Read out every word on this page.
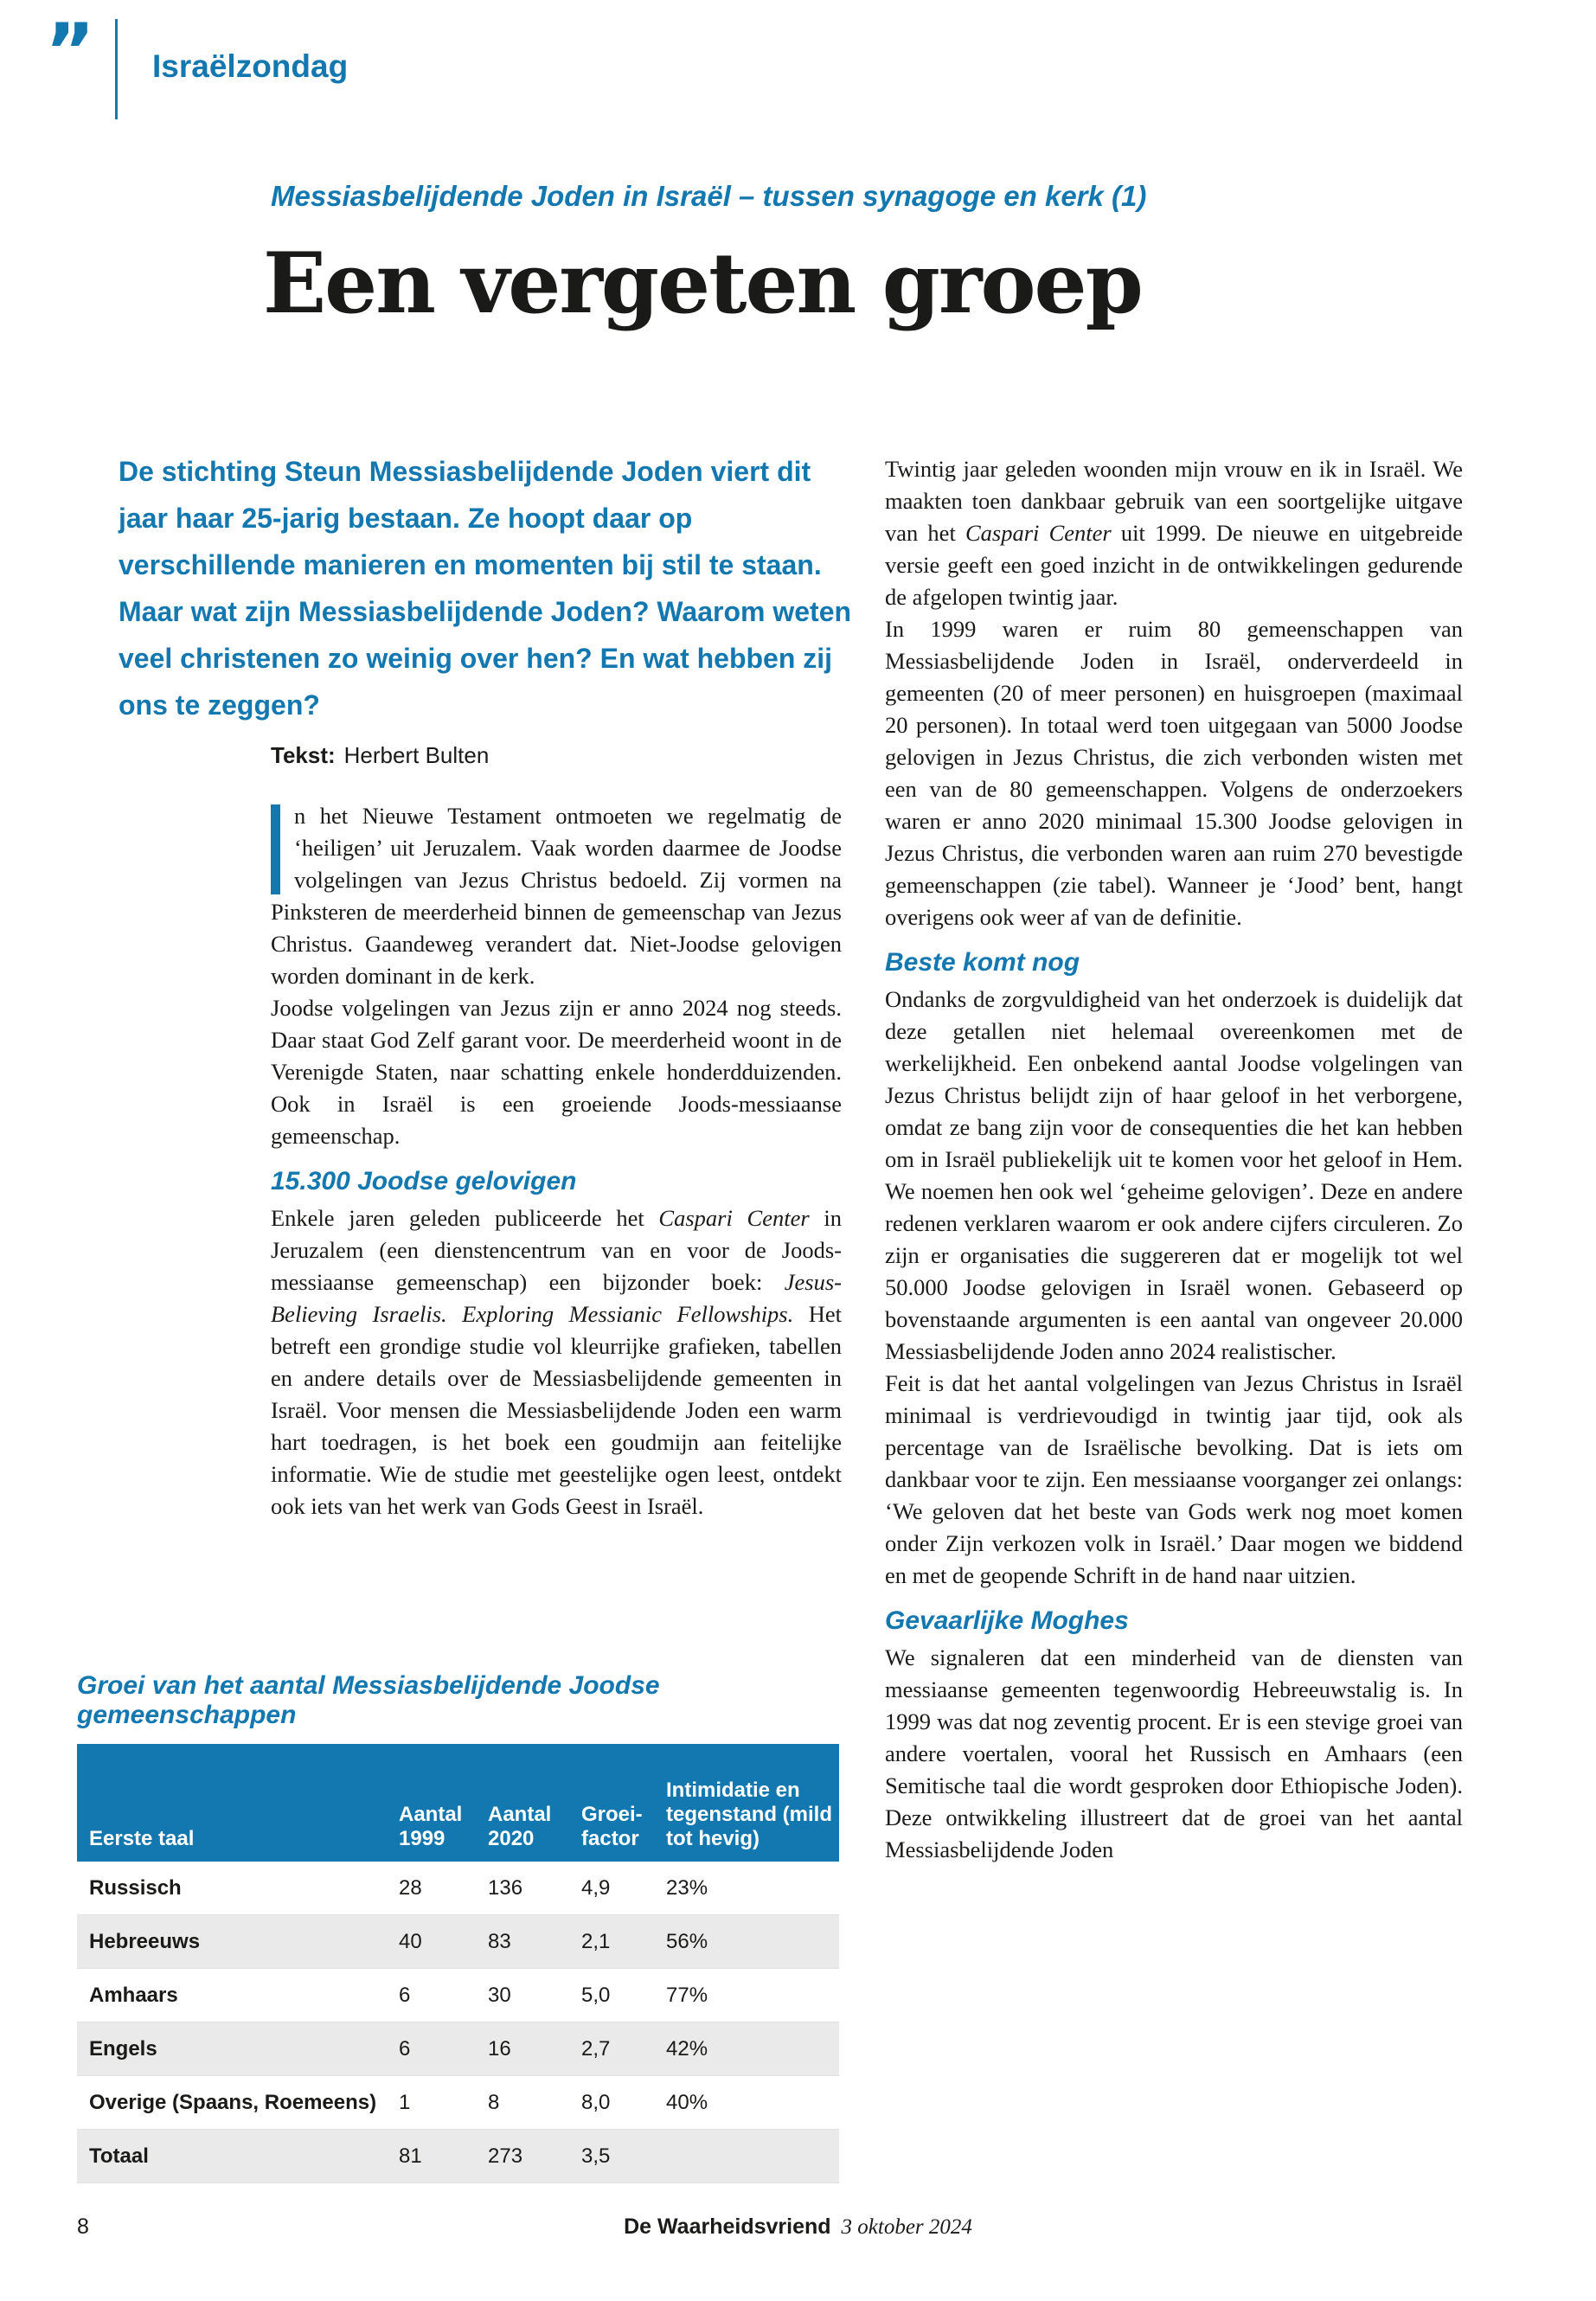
” Israëlzondag
Messiasbelijdende Joden in Israël – tussen synagoge en kerk (1)
Een vergeten groep
De stichting Steun Messiasbelijdende Joden viert dit jaar haar 25-jarig bestaan. Ze hoopt daar op verschillende manieren en momenten bij stil te staan. Maar wat zijn Messiasbelijdende Joden? Waarom weten veel christenen zo weinig over hen? En wat hebben zij ons te zeggen?
Tekst: Herbert Bulten

n het Nieuwe Testament ontmoeten we regelmatig de ‘heiligen’ uit Jeruzalem. Vaak worden daarmee de Joodse volgelingen van Jezus Christus bedoeld. Zij vormen na Pinksteren de meerderheid binnen de gemeenschap van Jezus Christus. Gaandeweg verandert dat. Niet-Joodse gelovigen worden dominant in de kerk.

Joodse volgelingen van Jezus zijn er anno 2024 nog steeds. Daar staat God Zelf garant voor. De meerderheid woont in de Verenigde Staten, naar schatting enkele honderdduizenden. Ook in Israël is een groeiende Joods-messiaanse gemeenschap.

15.300 Joodse gelovigen

Enkele jaren geleden publiceerde het Caspari Center in Jeruzalem (een dienstencentrum van en voor de Joods-messiaanse gemeenschap) een bijzonder boek: Jesus-Believing Israelis. Exploring Messianic Fellowships. Het betreft een grondige studie vol kleurrijke grafieken, tabellen en andere details over de Messiasbelijdende gemeenten in Israël. Voor mensen die Messiasbelijdende Joden een warm hart toedragen, is het boek een goudmijn aan feitelijke informatie. Wie de studie met geestelijke ogen leest, ontdekt ook iets van het werk van Gods Geest in Israël.

Twintig jaar geleden woonden mijn vrouw en ik in Israël. We maakten toen dankbaar gebruik van een soortgelijke uitgave van het Caspari Center uit 1999. De nieuwe en uitgebreide versie geeft een goed inzicht in de ontwikkelingen gedurende de afgelopen twintig jaar.

In 1999 waren er ruim 80 gemeenschappen van Messiasbelijdende Joden in Israël, onderverdeeld in gemeenten (20 of meer personen) en huisgroepen (maximaal 20 personen). In totaal werd toen uitgegaan van 5000 Joodse gelovigen in Jezus Christus, die zich verbonden wisten met een van de 80 gemeenschappen. Volgens de onderzoekers waren er anno 2020 minimaal 15.300 Joodse gelovigen in Jezus Christus, die verbonden waren aan ruim 270 bevestigde gemeenschappen (zie tabel). Wanneer je ‘Jood’ bent, hangt overigens ook weer af van de definitie.

Beste komt nog

Ondanks de zorgvuldigheid van het onderzoek is duidelijk dat deze getallen niet helemaal overeenkomen met de werkelijkheid. Een onbekend aantal Joodse volgelingen van Jezus Christus belijdt zijn of haar geloof in het verborgene, omdat ze bang zijn voor de consequenties die het kan hebben om in Israël publiekelijk uit te komen voor het geloof in Hem. We noemen hen ook wel ‘geheime gelovigen’. Deze en andere redenen verklaren waarom er ook andere cijfers circuleren. Zo zijn er organisaties die suggereren dat er mogelijk tot wel 50.000 Joodse gelovigen in Israël wonen. Gebaseerd op bovenstaande argumenten is een aantal van ongeveer 20.000 Messiasbelijdende Joden anno 2024 realistischer.

Feit is dat het aantal volgelingen van Jezus Christus in Israël minimaal is verdrievoudigd in twintig jaar tijd, ook als percentage van de Israëlische bevolking. Dat is iets om dankbaar voor te zijn. Een messiaanse voorganger zei onlangs: ‘We geloven dat het beste van Gods werk nog moet komen onder Zijn verkozen volk in Israël.’ Daar mogen we biddend en met de geopende Schrift in de hand naar uitzien.

Gevaarlijke Moghes

We signaleren dat een minderheid van de diensten van messiaanse gemeenten tegenwoordig Hebreeuwstalig is. In 1999 was dat nog zeventig procent. Er is een stevige groei van andere voertalen, vooral het Russisch en Amhaars (een Semitische taal die wordt gesproken door Ethiopische Joden). Deze ontwikkeling illustreert dat de groei van het aantal Messiasbelijdende Joden

Groei van het aantal Messiasbelijdende Joodse gemeenschappen
Eerste taal	Aantal 1999	Aantal 2020	Groei-factor	Intimidatie en tegenstand (mild tot hevig)
Russisch	28	136	4,9	23%
Hebreeuws	40	83	2,1	56%
Amhaars	6	30	5,0	77%
Engels	6	16	2,7	42%
Overige (Spaans, Roemeens)	1	8	8,0	40%
Totaal	81	273	3,5	
8	De Waarheidsvriend 3 oktober 2024
